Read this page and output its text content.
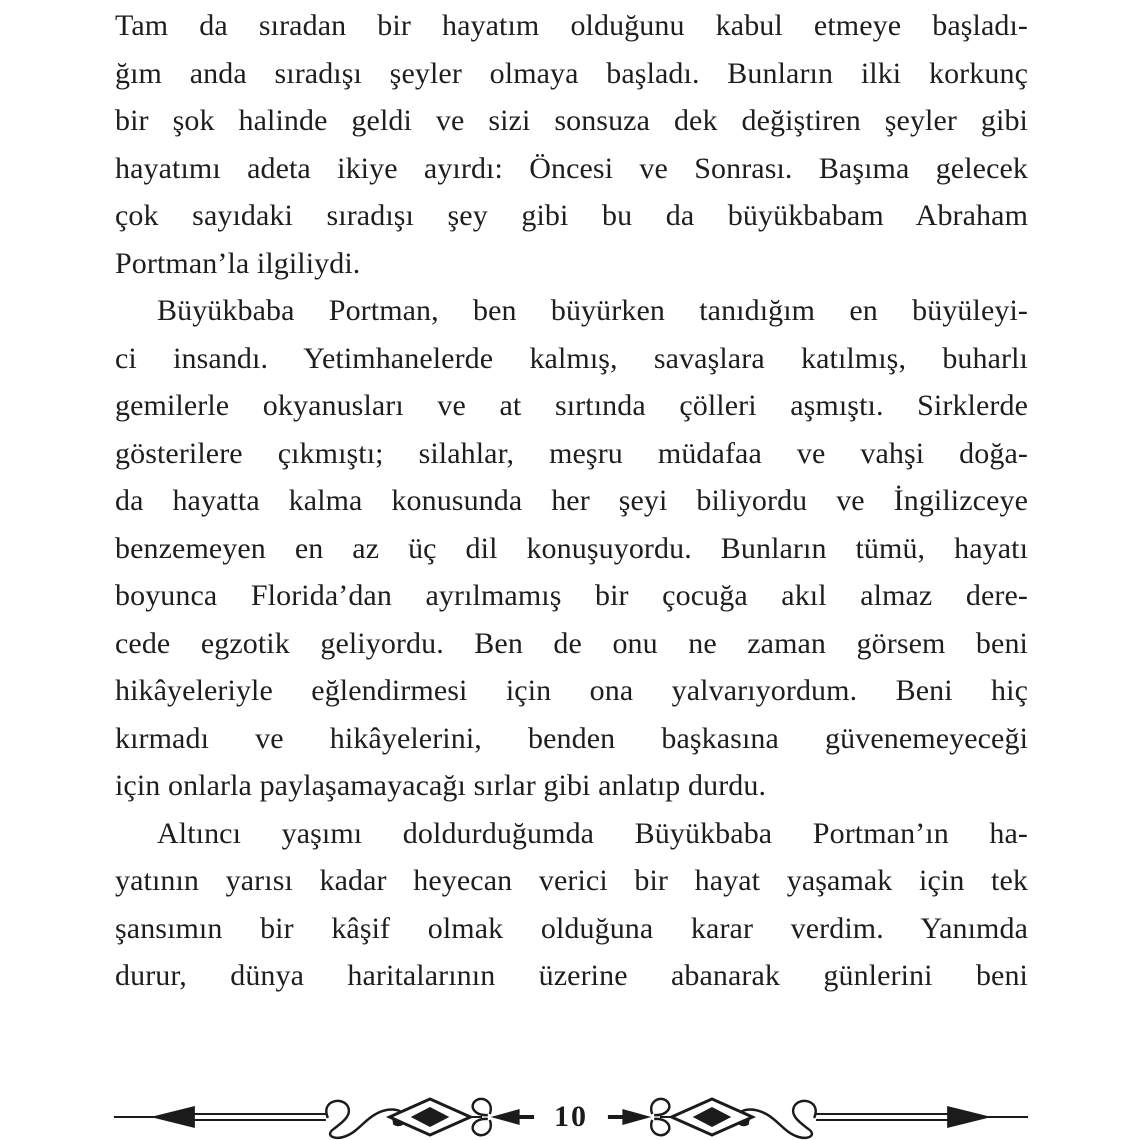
Tam da sıradan bir hayatım olduğunu kabul etmeye başladı-
ğım anda sıradışı şeyler olmaya başladı. Bunların ilki korkunç
bir şok halinde geldi ve sizi sonsuza dek değiştiren şeyler gibi
hayatımı adeta ikiye ayırdı: Öncesi ve Sonrası. Başıma gelecek
çok sayıdaki sıradışı şey gibi bu da büyükbabam Abraham
Portman’la ilgiliydi.
Büyükbaba Portman, ben büyürken tanıdığım en büyüleyi-
ci insandı. Yetimhanelerde kalmış, savaşlara katılmış, buharlı
gemilerle okyanusları ve at sırtında çölleri aşmıştı. Sirklerde
gösterilere çıkmıştı; silahlar, meşru müdafaa ve vahşi doğa-
da hayatta kalma konusunda her şeyi biliyordu ve İngilizceye
benzemeyen en az üç dil konuşuyordu. Bunların tümü, hayatı
boyunca Florida’dan ayrılmamış bir çocuğa akıl almaz dere-
cede egzotik geliyordu. Ben de onu ne zaman görsem beni
hikâyeleriyle eğlendirmesi için ona yalvarıyordum. Beni hiç
kırmadı ve hikâyelerini, benden başkasına güvenemeyeceği
için onlarla paylaşamayacağı sırlar gibi anlatıp durdu.
Altıncı yaşımı doldurduğumda Büyükbaba Portman’ın ha-
yatının yarısı kadar heyecan verici bir hayat yaşamak için tek
şansımın bir kâşif olmak olduğuna karar verdim. Yanımda
durur, dünya haritalarının üzerine abanarak günlerini beni
10
